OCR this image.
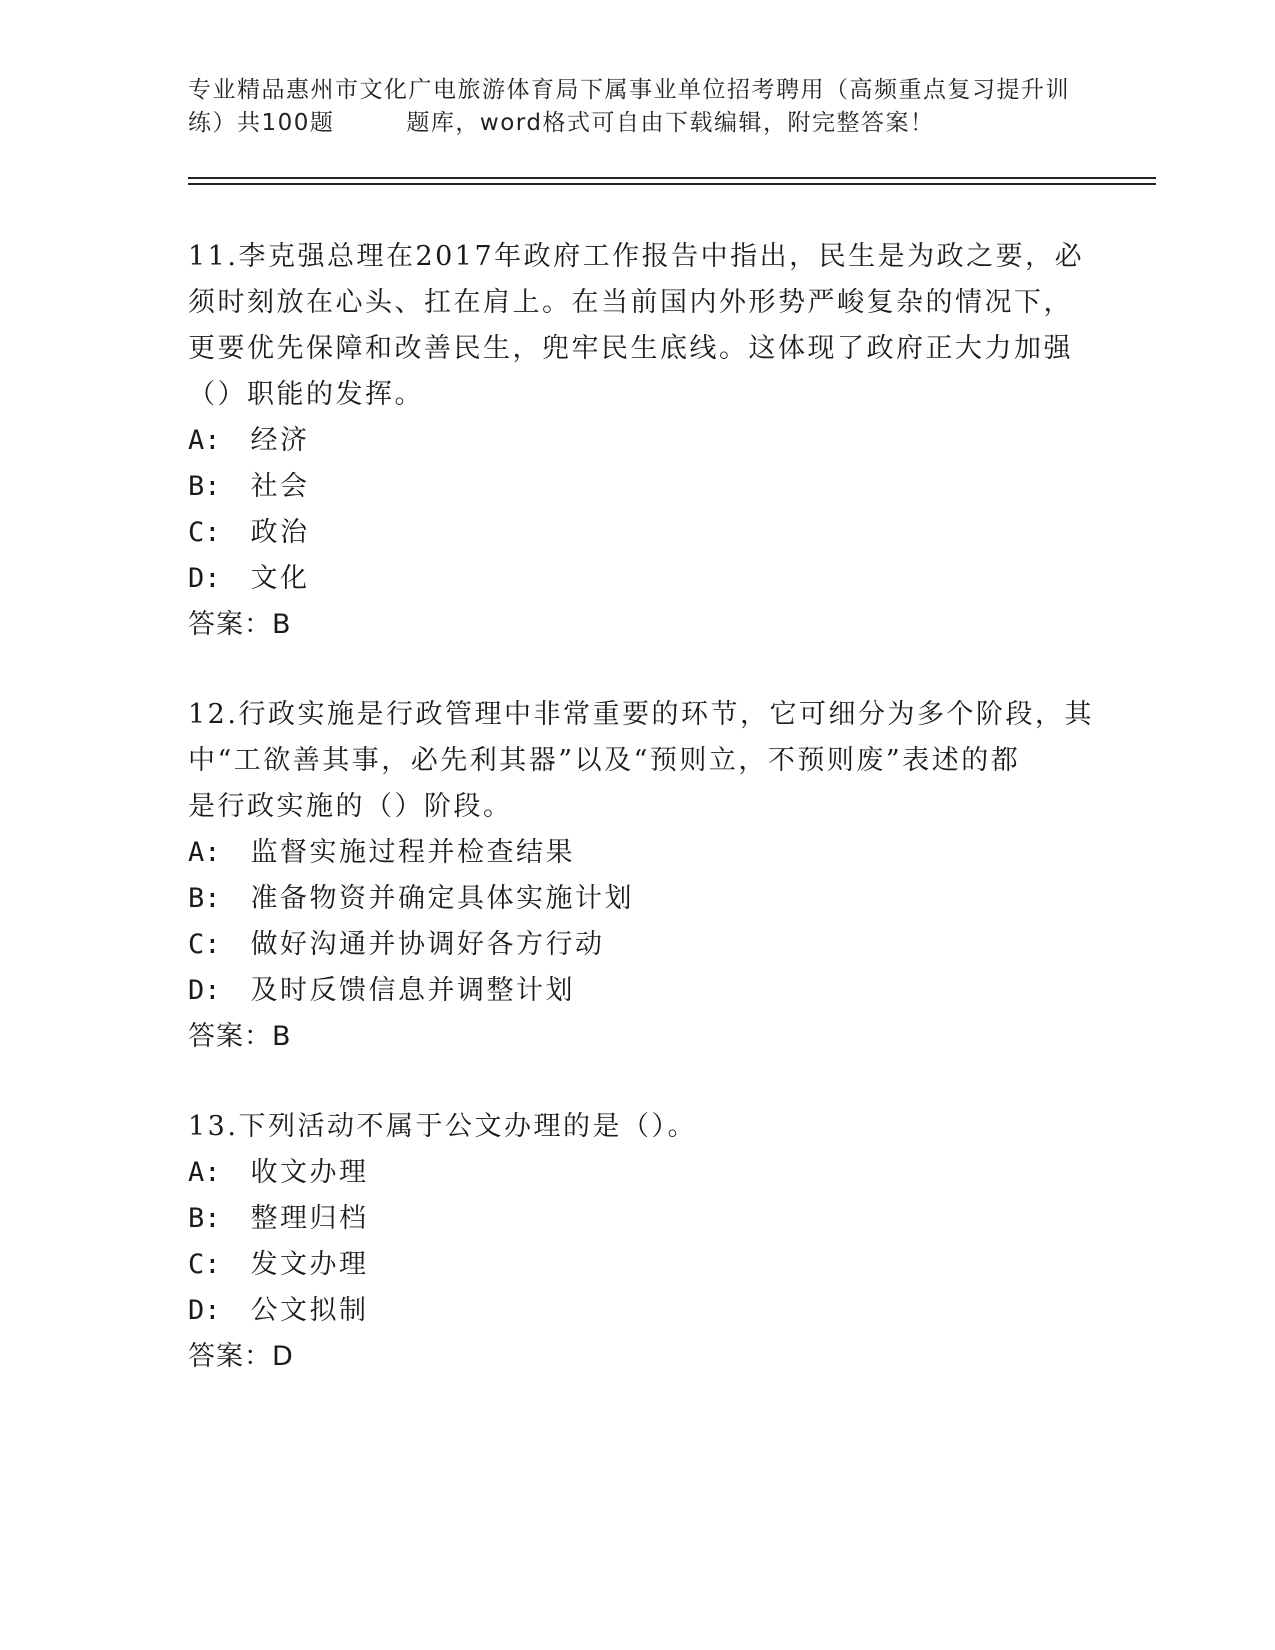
专业精品惠州市文化广电旅游体育局下属事业单位招考聘用（高频重点复习提升训
练）共100题	题库，word格式可自由下载编辑，附完整答案！
11.李克强总理在2017年政府工作报告中指出，民生是为政之要，必
须时刻放在心头、扛在肩上。在当前国内外形势严峻复杂的情况下，
更要优先保障和改善民生，兜牢民生底线。这体现了政府正大力加强
（）职能的发挥。
A: 经济
B: 社会
C: 政治
D: 文化
答案：B
12.行政实施是行政管理中非常重要的环节，它可细分为多个阶段，其
中“工欲善其事，必先利其器”以及“预则立，不预则废”表述的都
是行政实施的（）阶段。
A: 监督实施过程并检查结果
B: 准备物资并确定具体实施计划
C: 做好沟通并协调好各方行动
D: 及时反馈信息并调整计划
答案：B
13.下列活动不属于公文办理的是（）。
A: 收文办理
B: 整理归档
C: 发文办理
D: 公文拟制
答案：D
